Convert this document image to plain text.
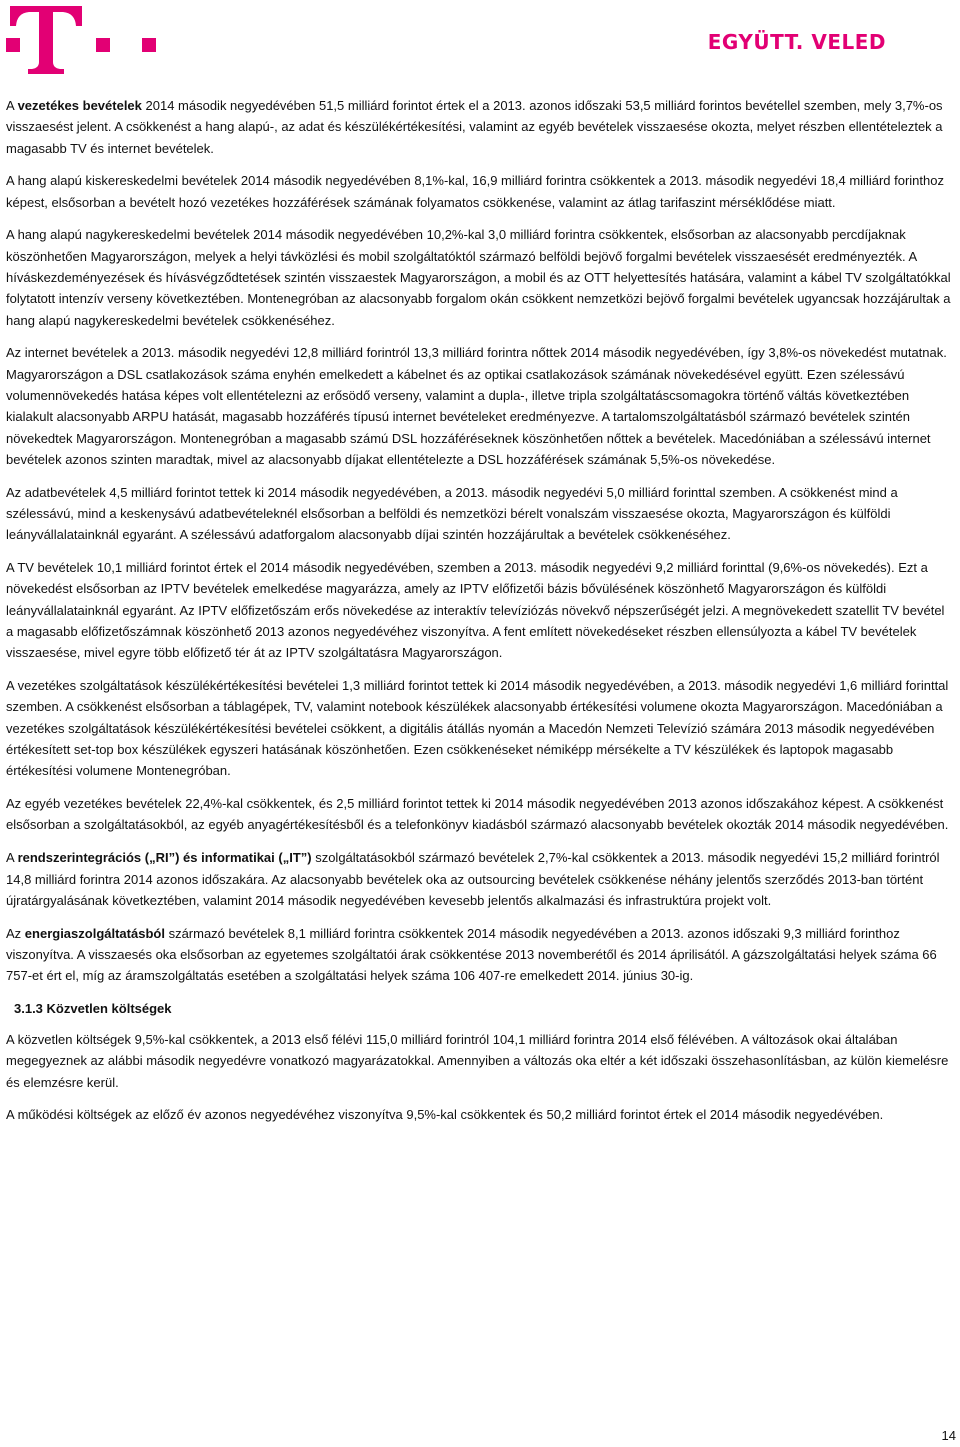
EGYÜTT. VELED

A vezetékes bevételek 2014 második negyedévében 51,5 milliárd forintot értek el a 2013. azonos időszaki 53,5 milliárd forintos bevétellel szemben, mely 3,7%-os visszaesést jelent. A csökkenést a hang alapú-, az adat és készülékértékesítési, valamint az egyéb bevételek visszaesése okozta, melyet részben ellentételeztek a magasabb TV és internet bevételek.

A hang alapú kiskereskedelmi bevételek 2014 második negyedévében 8,1%-kal, 16,9 milliárd forintra csökkentek a 2013. második negyedévi 18,4 milliárd forinthoz képest, elsősorban a bevételt hozó vezetékes hozzáférések számának folyamatos csökkenése, valamint az átlag tarifaszint mérséklődése miatt.

A hang alapú nagykereskedelmi bevételek 2014 második negyedévében 10,2%-kal 3,0 milliárd forintra csökkentek, elsősorban az alacsonyabb percdíjaknak köszönhetően Magyarországon, melyek a helyi távközlési és mobil szolgáltatóktól származó belföldi bejövő forgalmi bevételek visszaesését eredményezték. A híváskezdeményezések és hívásvégződtetések szintén visszaestek Magyarországon, a mobil és az OTT helyettesítés hatására, valamint a kábel TV szolgáltatókkal folytatott intenzív verseny következtében. Montenegróban az alacsonyabb forgalom okán csökkent nemzetközi bejövő forgalmi bevételek ugyancsak hozzájárultak a hang alapú nagykereskedelmi bevételek csökkenéséhez.

Az internet bevételek a 2013. második negyedévi 12,8 milliárd forintról 13,3 milliárd forintra nőttek 2014 második negyedévében, így 3,8%-os növekedést mutatnak. Magyarországon a DSL csatlakozások száma enyhén emelkedett a kábelnet és az optikai csatlakozások számának növekedésével együtt. Ezen szélessávú volumennövekedés hatása képes volt ellentételezni az erősödő verseny, valamint a dupla-, illetve tripla szolgáltatáscsomagokra történő váltás következtében kialakult alacsonyabb ARPU hatását, magasabb hozzáférés típusú internet bevételeket eredményezve. A tartalomszolgáltatásból származó bevételek szintén növekedtek Magyarországon. Montenegróban a magasabb számú DSL hozzáféréseknek köszönhetően nőttek a bevételek. Macedóniában a szélessávú internet bevételek azonos szinten maradtak, mivel az alacsonyabb díjakat ellentételezte a DSL hozzáférések számának 5,5%-os növekedése.

Az adatbevételek 4,5 milliárd forintot tettek ki 2014 második negyedévében, a 2013. második negyedévi 5,0 milliárd forinttal szemben. A csökkenést mind a szélessávú, mind a keskenysávú adatbevételeknél elsősorban a belföldi és nemzetközi bérelt vonalszám visszaesése okozta, Magyarországon és külföldi leányvállalatainknál egyaránt. A szélessávú adatforgalom alacsonyabb díjai szintén hozzájárultak a bevételek csökkenéséhez.

A TV bevételek 10,1 milliárd forintot értek el 2014 második negyedévében, szemben a 2013. második negyedévi 9,2 milliárd forinttal (9,6%-os növekedés). Ezt a növekedést elsősorban az IPTV bevételek emelkedése magyarázza, amely az IPTV előfizetői bázis bővülésének köszönhető Magyarországon és külföldi leányvállalatainknál egyaránt. Az IPTV előfizetőszám erős növekedése az interaktív televíziózás növekvő népszerűségét jelzi. A megnövekedett szatellit TV bevétel a magasabb előfizetőszámnak köszönhető 2013 azonos negyedévéhez viszonyítva. A fent említett növekedéseket részben ellensúlyozta a kábel TV bevételek visszaesése, mivel egyre több előfizető tér át az IPTV szolgáltatásra Magyarországon.

A vezetékes szolgáltatások készülékértékesítési bevételei 1,3 milliárd forintot tettek ki 2014 második negyedévében, a 2013. második negyedévi 1,6 milliárd forinttal szemben. A csökkenést elsősorban a táblagépek, TV, valamint notebook készülékek alacsonyabb értékesítési volumene okozta Magyarországon. Macedóniában a vezetékes szolgáltatások készülékértékesítési bevételei csökkent, a digitális átállás nyomán a Macedón Nemzeti Televízió számára 2013 második negyedévében értékesített set-top box készülékek egyszeri hatásának köszönhetően. Ezen csökkenéseket némiképp mérsékelte a TV készülékek és laptopok magasabb értékesítési volumene Montenegróban.

Az egyéb vezetékes bevételek 22,4%-kal csökkentek, és 2,5 milliárd forintot tettek ki 2014 második negyedévében 2013 azonos időszakához képest. A csökkenést elsősorban a szolgáltatásokból, az egyéb anyagértékesítésből és a telefonkönyv kiadásból származó alacsonyabb bevételek okozták 2014 második negyedévében.

A rendszerintegrációs („RI”) és informatikai („IT”) szolgáltatásokból származó bevételek 2,7%-kal csökkentek a 2013. második negyedévi 15,2 milliárd forintról 14,8 milliárd forintra 2014 azonos időszakára. Az alacsonyabb bevételek oka az outsourcing bevételek csökkenése néhány jelentős szerződés 2013-ban történt újratárgyalásának következtében, valamint 2014 második negyedévében kevesebb jelentős alkalmazási és infrastruktúra projekt volt.

Az energiaszolgáltatásból származó bevételek 8,1 milliárd forintra csökkentek 2014 második negyedévében a 2013. azonos időszaki 9,3 milliárd forinthoz viszonyítva. A visszaesés oka elsősorban az egyetemes szolgáltatói árak csökkentése 2013 novemberétől és 2014 áprilisától. A gázszolgáltatási helyek száma 66 757-et ért el, míg az áramszolgáltatás esetében a szolgáltatási helyek száma 106 407-re emelkedett 2014. június 30-ig.

3.1.3 Közvetlen költségek

A közvetlen költségek 9,5%-kal csökkentek, a 2013 első félévi 115,0 milliárd forintról 104,1 milliárd forintra 2014 első félévében. A változások okai általában megegyeznek az alábbi második negyedévre vonatkozó magyarázatokkal. Amennyiben a változás oka eltér a két időszaki összehasonlításban, az külön kiemelésre és elemzésre kerül.

A működési költségek az előző év azonos negyedévéhez viszonyítva 9,5%-kal csökkentek és 50,2 milliárd forintot értek el 2014 második negyedévében.

14
